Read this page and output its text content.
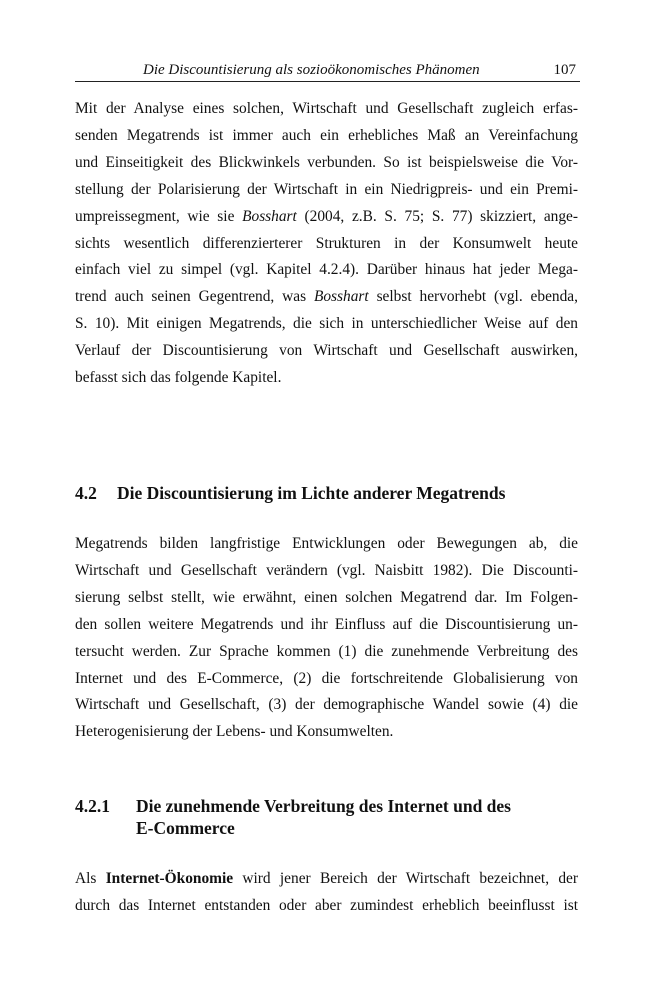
Die Discountisierung als sozioökonomisches Phänomen	107
Mit der Analyse eines solchen, Wirtschaft und Gesellschaft zugleich erfas-
senden Megatrends ist immer auch ein erhebliches Maß an Vereinfachung
und Einseitigkeit des Blickwinkels verbunden. So ist beispielsweise die Vor-
stellung der Polarisierung der Wirtschaft in ein Niedrigpreis- und ein Premi-
umpreissegment, wie sie Bosshart (2004, z.B. S. 75; S. 77) skizziert, ange-
sichts wesentlich differenzierterer Strukturen in der Konsumwelt heute
einfach viel zu simpel (vgl. Kapitel 4.2.4). Darüber hinaus hat jeder Mega-
trend auch seinen Gegentrend, was Bosshart selbst hervorhebt (vgl. ebenda,
S. 10). Mit einigen Megatrends, die sich in unterschiedlicher Weise auf den
Verlauf der Discountisierung von Wirtschaft und Gesellschaft auswirken,
befasst sich das folgende Kapitel.
4.2 Die Discountisierung im Lichte anderer Megatrends
Megatrends bilden langfristige Entwicklungen oder Bewegungen ab, die
Wirtschaft und Gesellschaft verändern (vgl. Naisbitt 1982). Die Discounti-
sierung selbst stellt, wie erwähnt, einen solchen Megatrend dar. Im Folgen-
den sollen weitere Megatrends und ihr Einfluss auf die Discountisierung un-
tersucht werden. Zur Sprache kommen (1) die zunehmende Verbreitung des
Internet und des E-Commerce, (2) die fortschreitende Globalisierung von
Wirtschaft und Gesellschaft, (3) der demographische Wandel sowie (4) die
Heterogenisierung der Lebens- und Konsumwelten.
4.2.1 Die zunehmende Verbreitung des Internet und des
E-Commerce
Als Internet-Ökonomie wird jener Bereich der Wirtschaft bezeichnet, der
durch das Internet entstanden oder aber zumindest erheblich beeinflusst ist
